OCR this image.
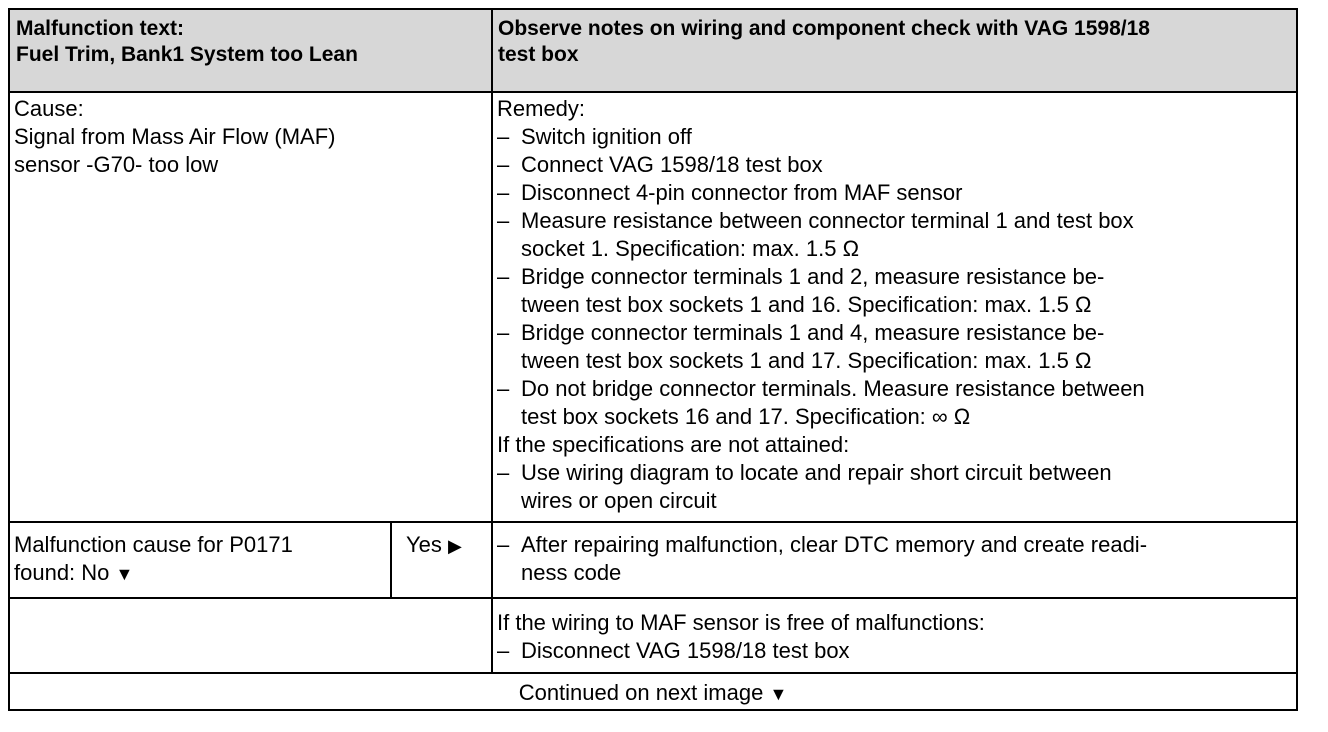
Malfunction text:
Fuel Trim, Bank1 System too Lean
Observe notes on wiring and component check with VAG 1598/18
test box
Cause:
Signal from Mass Air Flow (MAF)
sensor -G70- too low
Remedy:
– Switch ignition off
– Connect VAG 1598/18 test box
– Disconnect 4-pin connector from MAF sensor
– Measure resistance between connector terminal 1 and test box
socket 1. Specification: max. 1.5 Ω
– Bridge connector terminals 1 and 2, measure resistance be-
tween test box sockets 1 and 16. Specification: max. 1.5 Ω
– Bridge connector terminals 1 and 4, measure resistance be-
tween test box sockets 1 and 17. Specification: max. 1.5 Ω
– Do not bridge connector terminals. Measure resistance between
test box sockets 16 and 17. Specification: ∞ Ω
If the specifications are not attained:
– Use wiring diagram to locate and repair short circuit between
wires or open circuit
Malfunction cause for P0171
found: No ▼
Yes ▶
–	After repairing malfunction, clear DTC memory and create readi-
ness code
If the wiring to MAF sensor is free of malfunctions:
– Disconnect VAG 1598/18 test box
Continued on next image ▼
